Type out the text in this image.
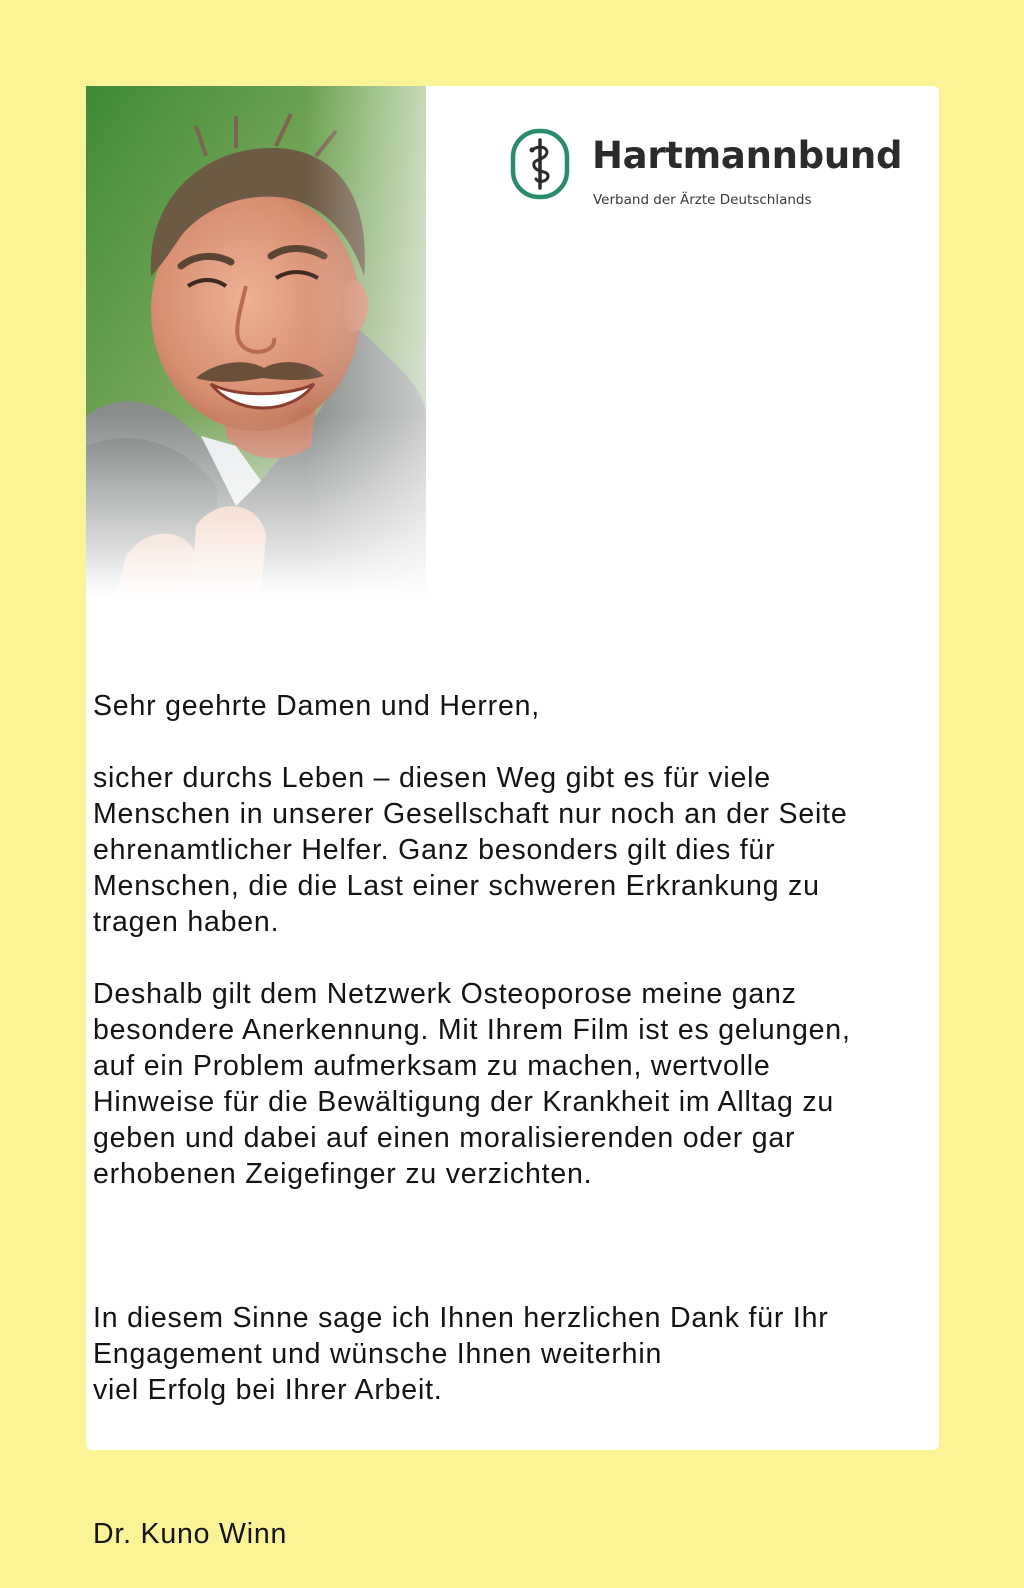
Hartmannbund
Verband der Ärzte Deutschlands

Sehr geehrte Damen und Herren,

sicher durchs Leben – diesen Weg gibt es für viele
Menschen in unserer Gesellschaft nur noch an der Seite
ehrenamtlicher Helfer. Ganz besonders gilt dies für
Menschen, die die Last einer schweren Erkrankung zu
tragen haben.

Deshalb gilt dem Netzwerk Osteoporose meine ganz
besondere Anerkennung. Mit Ihrem Film ist es gelungen,
auf ein Problem aufmerksam zu machen, wertvolle
Hinweise für die Bewältigung der Krankheit im Alltag zu
geben und dabei auf einen moralisierenden oder gar
erhobenen Zeigefinger zu verzichten.

In diesem Sinne sage ich Ihnen herzlichen Dank für Ihr
Engagement und wünsche Ihnen weiterhin
viel Erfolg bei Ihrer Arbeit.

Dr. Kuno Winn
